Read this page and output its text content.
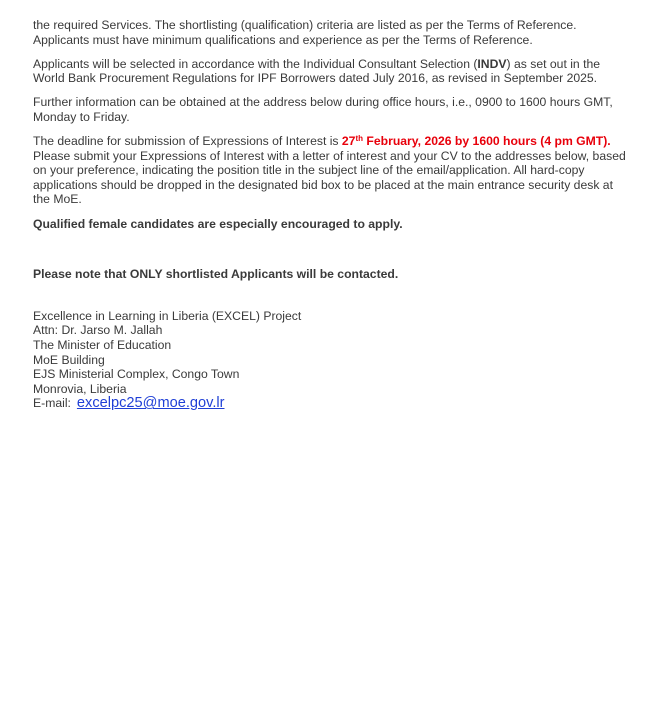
the required Services. The shortlisting (qualification) criteria are listed as per the Terms of Reference. Applicants must have minimum qualifications and experience as per the Terms of Reference.

Applicants will be selected in accordance with the Individual Consultant Selection (INDV) as set out in the World Bank Procurement Regulations for IPF Borrowers dated July 2016, as revised in September 2025.

Further information can be obtained at the address below during office hours, i.e., 0900 to 1600 hours GMT, Monday to Friday.

The deadline for submission of Expressions of Interest is 27th February, 2026 by 1600 hours (4 pm GMT). Please submit your Expressions of Interest with a letter of interest and your CV to the addresses below, based on your preference, indicating the position title in the subject line of the email/application. All hard-copy applications should be dropped in the designated bid box to be placed at the main entrance security desk at the MoE.

Qualified female candidates are especially encouraged to apply.

Please note that ONLY shortlisted Applicants will be contacted.

Excellence in Learning in Liberia (EXCEL) Project
Attn: Dr. Jarso M. Jallah
The Minister of Education
MoE Building
EJS Ministerial Complex, Congo Town
Monrovia, Liberia
E-mail: excelpc25@moe.gov.lr
